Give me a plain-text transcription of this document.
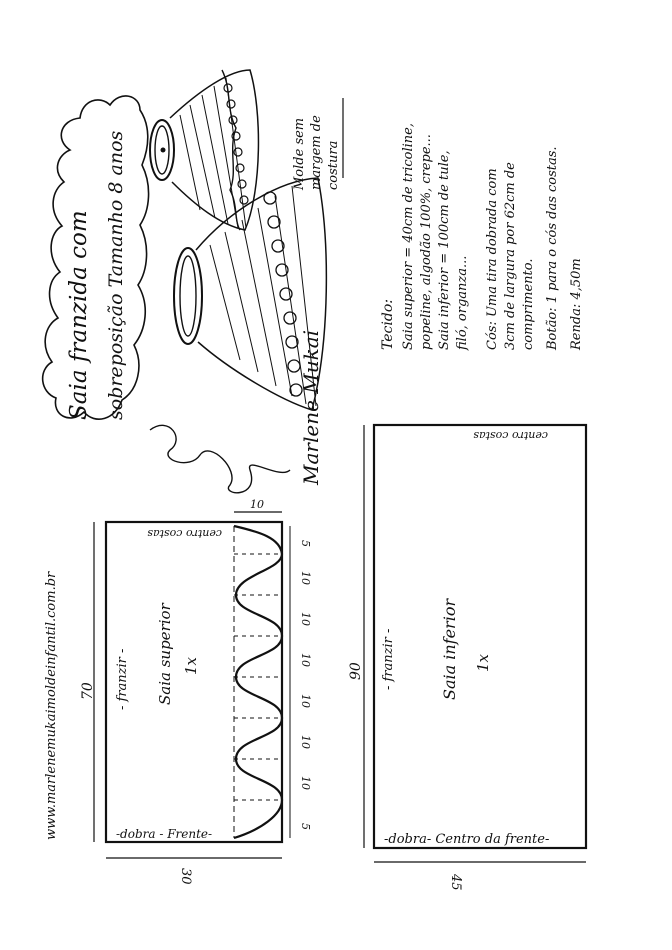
Saia franzida com sobreposição Tamanho 8 anos	Molde sem margem de costura
Marlene Mukai
Tecido: Saia superior = 40cm de tricoline, popeline, algodão 100%, crepe... Saia inferior = 100cm de tule, filó, organza... Cós: Uma tira dobrada com 3cm de largura por 62cm de comprimento. Botão: 1 para o cós das costas. Renda: 4,50m
www.marlenemukaimoldeinfantil.com.br 70 - franzir - Saia superior 1x
-dobra - Frente-
centro costas
30
10
5
10
10
10
10
10
10
5
90 - franzir -	Saia inferior 1x
-dobra- Centro da frente-
centro costas
45
